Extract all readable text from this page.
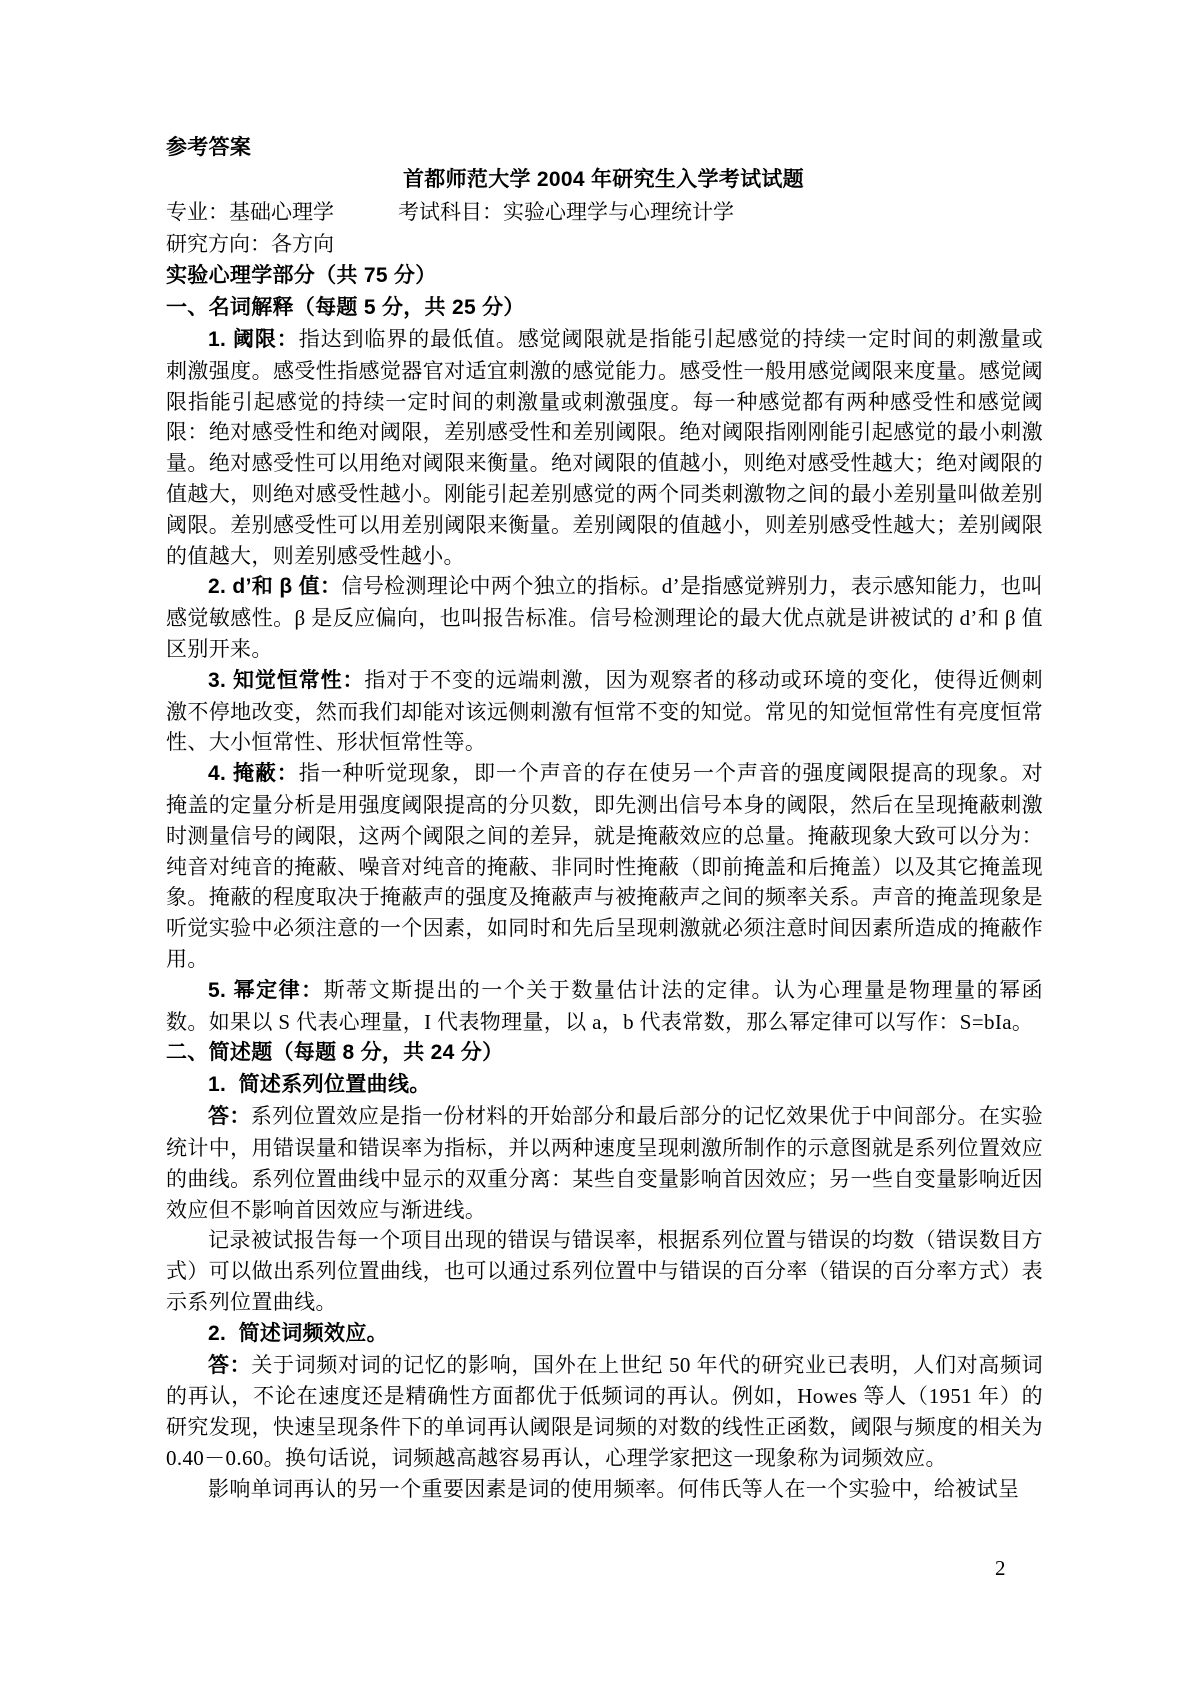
参考答案

首都师范大学 2004 年研究生入学考试试题

专业：基础心理学	考试科目：实验心理学与心理统计学

研究方向：各方向

实验心理学部分（共 75 分）

一、名词解释（每题 5 分，共 25 分）

1. 阈限：指达到临界的最低值。感觉阈限就是指能引起感觉的持续一定时间的刺激量或刺激强度。感受性指感觉器官对适宜刺激的感觉能力。感受性一般用感觉阈限来度量。感觉阈限指能引起感觉的持续一定时间的刺激量或刺激强度。每一种感觉都有两种感受性和感觉阈限：绝对感受性和绝对阈限，差别感受性和差别阈限。绝对阈限指刚刚能引起感觉的最小刺激量。绝对感受性可以用绝对阈限来衡量。绝对阈限的值越小，则绝对感受性越大；绝对阈限的值越大，则绝对感受性越小。刚能引起差别感觉的两个同类刺激物之间的最小差别量叫做差别阈限。差别感受性可以用差别阈限来衡量。差别阈限的值越小，则差别感受性越大；差别阈限的值越大，则差别感受性越小。

2. d’和 β 值：信号检测理论中两个独立的指标。d’是指感觉辨别力，表示感知能力，也叫感觉敏感性。β 是反应偏向，也叫报告标准。信号检测理论的最大优点就是讲被试的 d’和 β 值区别开来。

3. 知觉恒常性：指对于不变的远端刺激，因为观察者的移动或环境的变化，使得近侧刺激不停地改变，然而我们却能对该远侧刺激有恒常不变的知觉。常见的知觉恒常性有亮度恒常性、大小恒常性、形状恒常性等。

4. 掩蔽：指一种听觉现象，即一个声音的存在使另一个声音的强度阈限提高的现象。对掩盖的定量分析是用强度阈限提高的分贝数，即先测出信号本身的阈限，然后在呈现掩蔽刺激时测量信号的阈限，这两个阈限之间的差异，就是掩蔽效应的总量。掩蔽现象大致可以分为：纯音对纯音的掩蔽、噪音对纯音的掩蔽、非同时性掩蔽（即前掩盖和后掩盖）以及其它掩盖现象。掩蔽的程度取决于掩蔽声的强度及掩蔽声与被掩蔽声之间的频率关系。声音的掩盖现象是听觉实验中必须注意的一个因素，如同时和先后呈现刺激就必须注意时间因素所造成的掩蔽作用。

5. 幂定律：斯蒂文斯提出的一个关于数量估计法的定律。认为心理量是物理量的幂函数。如果以 S 代表心理量，I 代表物理量，以 a，b 代表常数，那么幂定律可以写作：S=bIa。

二、简述题（每题 8 分，共 24 分）

1.  简述系列位置曲线。

答：系列位置效应是指一份材料的开始部分和最后部分的记忆效果优于中间部分。在实验统计中，用错误量和错误率为指标，并以两种速度呈现刺激所制作的示意图就是系列位置效应的曲线。系列位置曲线中显示的双重分离：某些自变量影响首因效应；另一些自变量影响近因效应但不影响首因效应与渐进线。

记录被试报告每一个项目出现的错误与错误率，根据系列位置与错误的均数（错误数目方式）可以做出系列位置曲线，也可以通过系列位置中与错误的百分率（错误的百分率方式）表示系列位置曲线。

2.  简述词频效应。

答：关于词频对词的记忆的影响，国外在上世纪 50 年代的研究业已表明，人们对高频词的再认，不论在速度还是精确性方面都优于低频词的再认。例如，Howes 等人（1951 年）的研究发现，快速呈现条件下的单词再认阈限是词频的对数的线性正函数，阈限与频度的相关为 0.40－0.60。换句话说，词频越高越容易再认，心理学家把这一现象称为词频效应。

影响单词再认的另一个重要因素是词的使用频率。何伟氏等人在一个实验中，给被试呈

2
